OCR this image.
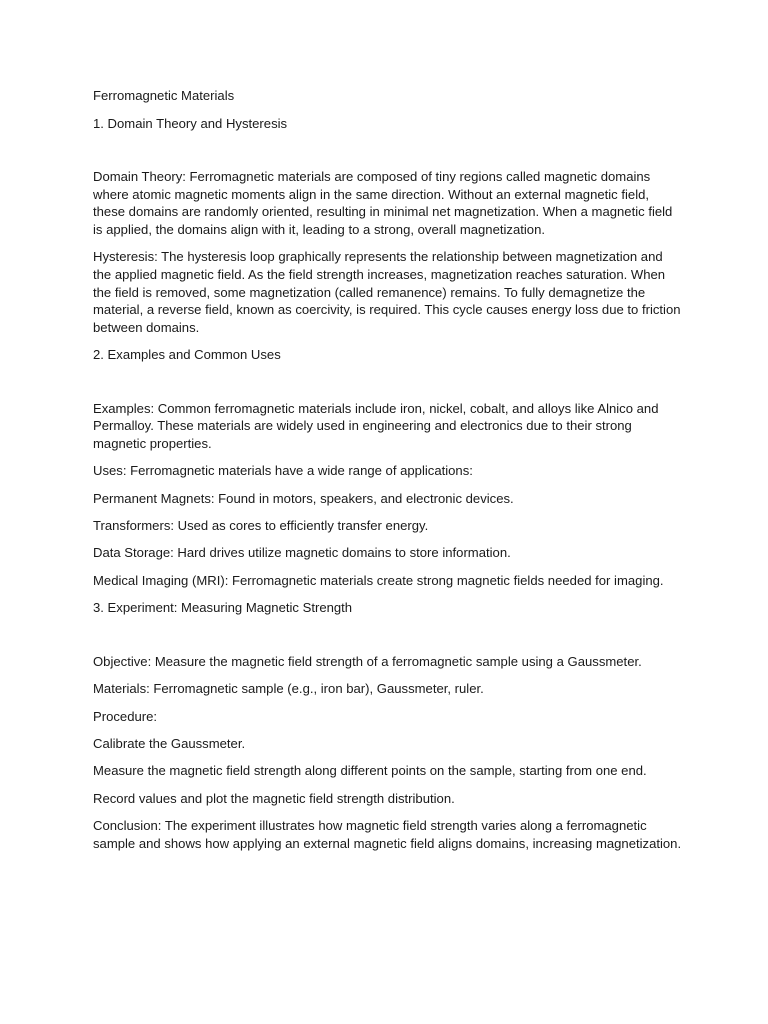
Ferromagnetic Materials

1. Domain Theory and Hysteresis

Domain Theory: Ferromagnetic materials are composed of tiny regions called magnetic domains where atomic magnetic moments align in the same direction. Without an external magnetic field, these domains are randomly oriented, resulting in minimal net magnetization. When a magnetic field is applied, the domains align with it, leading to a strong, overall magnetization.

Hysteresis: The hysteresis loop graphically represents the relationship between magnetization and the applied magnetic field. As the field strength increases, magnetization reaches saturation. When the field is removed, some magnetization (called remanence) remains. To fully demagnetize the material, a reverse field, known as coercivity, is required. This cycle causes energy loss due to friction between domains.

2. Examples and Common Uses

Examples: Common ferromagnetic materials include iron, nickel, cobalt, and alloys like Alnico and Permalloy. These materials are widely used in engineering and electronics due to their strong magnetic properties.

Uses: Ferromagnetic materials have a wide range of applications:

Permanent Magnets: Found in motors, speakers, and electronic devices.

Transformers: Used as cores to efficiently transfer energy.

Data Storage: Hard drives utilize magnetic domains to store information.

Medical Imaging (MRI): Ferromagnetic materials create strong magnetic fields needed for imaging.

3. Experiment: Measuring Magnetic Strength

Objective: Measure the magnetic field strength of a ferromagnetic sample using a Gaussmeter.

Materials: Ferromagnetic sample (e.g., iron bar), Gaussmeter, ruler.

Procedure:

Calibrate the Gaussmeter.

Measure the magnetic field strength along different points on the sample, starting from one end.

Record values and plot the magnetic field strength distribution.

Conclusion: The experiment illustrates how magnetic field strength varies along a ferromagnetic sample and shows how applying an external magnetic field aligns domains, increasing magnetization.
